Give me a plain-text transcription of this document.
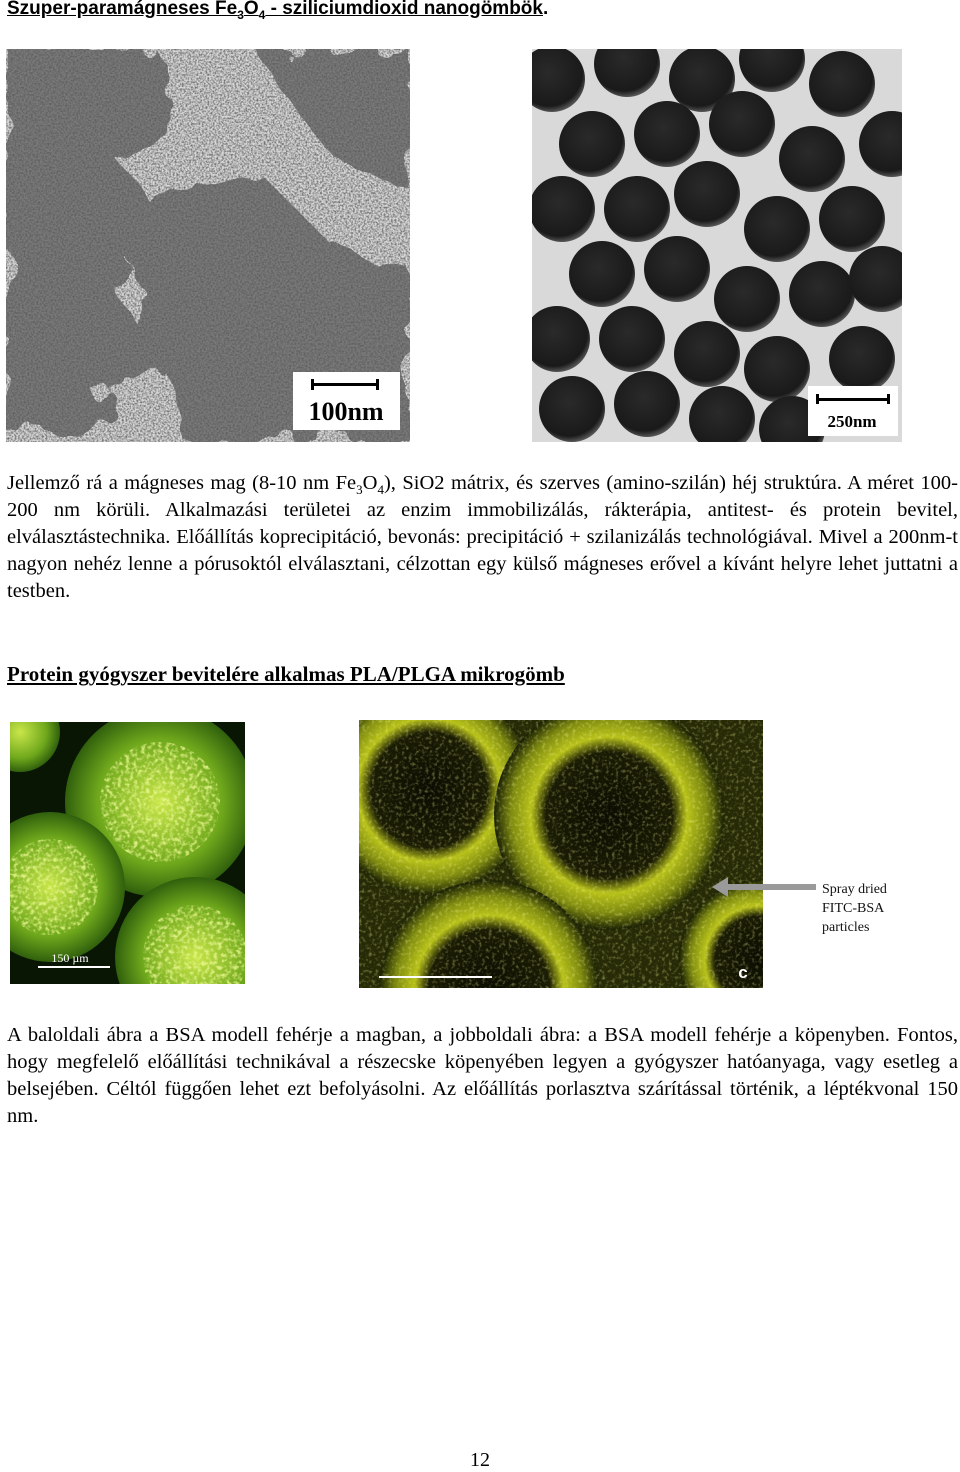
Szuper-paramágneses $Fe_3O_4$ - sziliciumdioxid nanogömbök.
100nm	250nm

Jellemző rá a mágneses mag (8-10 nm $Fe_3O_4$), SiO2 mátrix, és szerves (amino-szilán) héj struktúra. A méret 100-200 nm körüli. Alkalmazási területei az enzim immobilizálás, rákterápia, antitest- és protein bevitel, elválasztástechnika. Előállítás koprecipitáció, bevonás: precipitáció + szilanizálás technológiával. Mivel a 200nm-t nagyon nehéz lenne a pórusoktól elválasztani, célzottan egy külső mágneses erővel a kívánt helyre lehet juttatni a testben.

Protein gyógyszer bevitelére alkalmas PLA/PLGA mikrogömb
150 µm
c
Spray dried
FITC-BSA
particles

A baloldali ábra a BSA modell fehérje a magban, a jobboldali ábra: a BSA modell fehérje a köpenyben. Fontos, hogy megfelelő előállítási technikával a részecske köpenyében legyen a gyógyszer hatóanyaga, vagy esetleg a belsejében. Céltól függően lehet ezt befolyásolni. Az előállítás porlasztva szárítással történik, a léptékvonal 150 nm.

12
